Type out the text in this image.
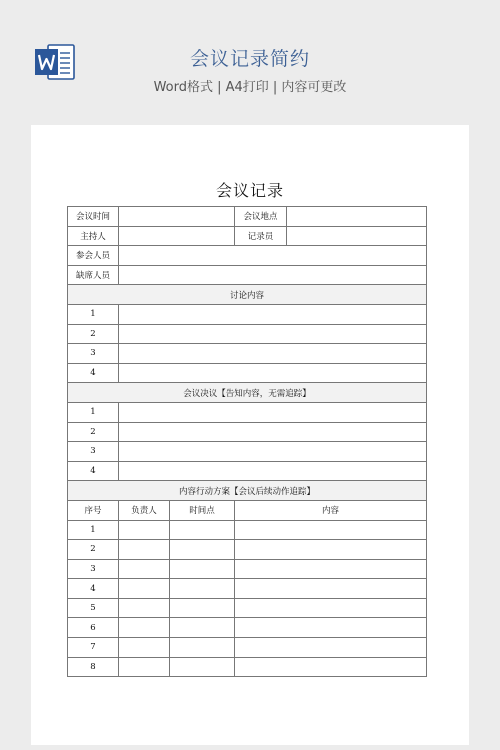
会议记录简约
Word格式 | A4打印 | 内容可更改
会议记录
会议时间			会议地点	
主持人			记录员	
参会人员				
缺席人员				
讨论内容				
1				
2				
3				
4				
会议决议【告知内容，无需追踪】				
1				
2				
3				
4				
内容行动方案【会议后续动作追踪】				
序号	负责人	时间点	内容	
1				
2				
3				
4				
5				
6				
7				
8				
